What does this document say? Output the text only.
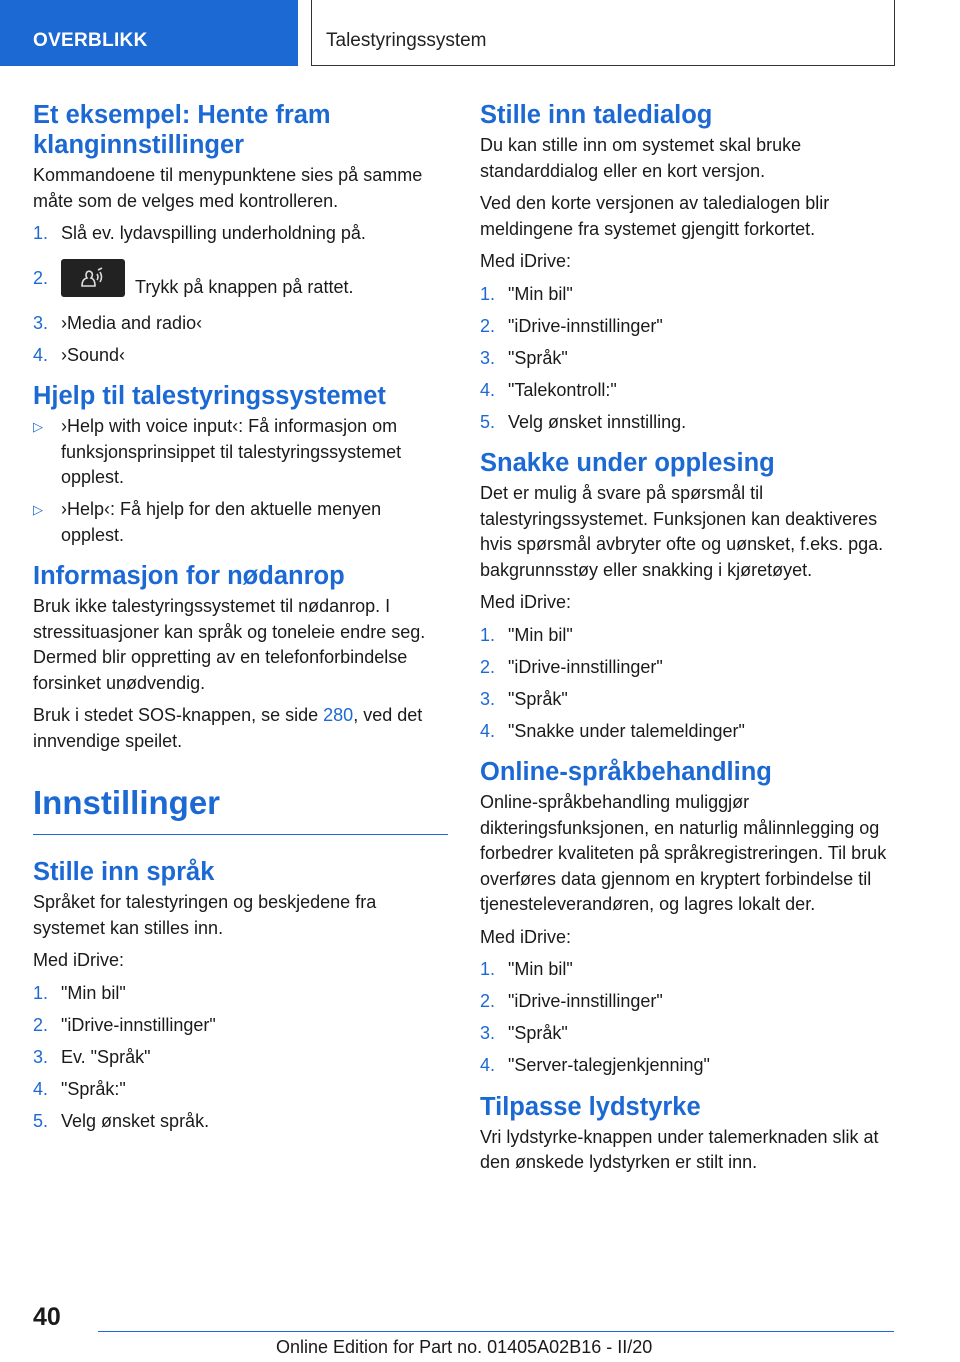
OVERBLIKK	Talestyringssystem
Et eksempel: Hente fram klanginnstillinger

Kommandoene til menypunktene sies på samme måte som de velges med kontrolleren.

1. Slå ev. lydavspilling underholdning på.
2.	Trykk på knappen på rattet.
3. ›Media and radio‹
4. ›Sound‹
Hjelp til talestyringssystemet
▷ ›Help with voice input‹: Få informasjon om funksjonsprinsippet til talestyringssystemet opplest.
▷ ›Help‹: Få hjelp for den aktuelle menyen opplest.
Informasjon for nødanrop

Bruk ikke talestyringssystemet til nødanrop. I stressituasjoner kan språk og toneleie endre seg. Dermed blir oppretting av en telefonforbindelse forsinket unødvendig.

Bruk i stedet SOS-knappen, se side 280, ved det innvendige speilet.

Innstillinger
Stille inn språk

Språket for talestyringen og beskjedene fra systemet kan stilles inn.

Med iDrive:

1. "Min bil"
2. "iDrive-innstillinger"
3. Ev. "Språk"
4. "Språk:"
5. Velg ønsket språk.
Stille inn taledialog

Du kan stille inn om systemet skal bruke standarddialog eller en kort versjon.

Ved den korte versjonen av taledialogen blir meldingene fra systemet gjengitt forkortet.

Med iDrive:

1. "Min bil"
2. "iDrive-innstillinger"
3. "Språk"
4. "Talekontroll:"
5. Velg ønsket innstilling.
Snakke under opplesing

Det er mulig å svare på spørsmål til talestyringssystemet. Funksjonen kan deaktiveres hvis spørsmål avbryter ofte og uønsket, f.eks. pga. bakgrunnsstøy eller snakking i kjøretøyet.

Med iDrive:

1. "Min bil"
2. "iDrive-innstillinger"
3. "Språk"
4. "Snakke under talemeldinger"
Online-språkbehandling

Online-språkbehandling muliggjør dikteringsfunksjonen, en naturlig målinnlegging og forbedrer kvaliteten på språkregistreringen. Til bruk overføres data gjennom en kryptert forbindelse til tjenesteleverandøren, og lagres lokalt der.

Med iDrive:

1. "Min bil"
2. "iDrive-innstillinger"
3. "Språk"
4. "Server-talegjenkjenning"
Tilpasse lydstyrke

Vri lydstyrke-knappen under talemerknaden slik at den ønskede lydstyrken er stilt inn.

40
Online Edition for Part no. 01405A02B16 - II/20
